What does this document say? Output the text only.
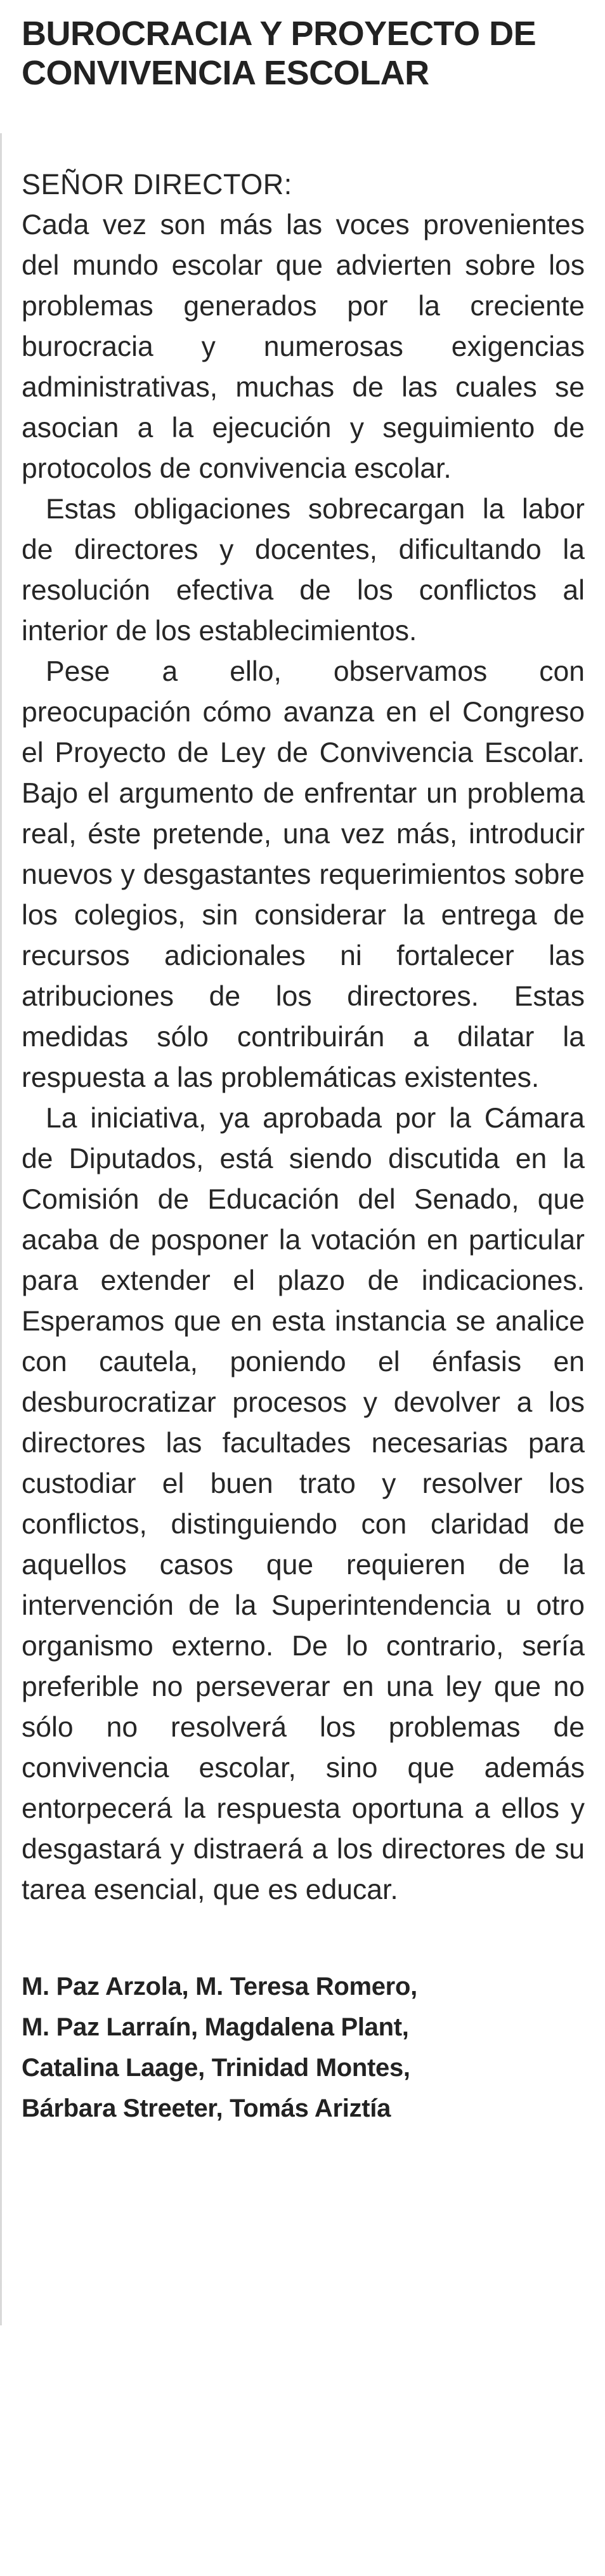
BUROCRACIA Y PROYECTO DE CONVIVENCIA ESCOLAR

SEÑOR DIRECTOR:

Cada vez son más las voces provenientes del mundo escolar que advierten sobre los problemas generados por la creciente burocracia y numerosas exigencias administrativas, muchas de las cuales se asocian a la ejecución y seguimiento de protocolos de convivencia escolar.

Estas obligaciones sobrecargan la labor de directores y docentes, dificultando la resolución efectiva de los conflictos al interior de los establecimientos.

Pese a ello, observamos con preocupación cómo avanza en el Congreso el Proyecto de Ley de Convivencia Escolar. Bajo el argumento de enfrentar un problema real, éste pretende, una vez más, introducir nuevos y desgastantes requerimientos sobre los colegios, sin considerar la entrega de recursos adicionales ni fortalecer las atribuciones de los directores. Estas medidas sólo contribuirán a dilatar la respuesta a las problemáticas existentes.

La iniciativa, ya aprobada por la Cámara de Diputados, está siendo discutida en la Comisión de Educación del Senado, que acaba de posponer la votación en particular para extender el plazo de indicaciones. Esperamos que en esta instancia se analice con cautela, poniendo el énfasis en desburocratizar procesos y devolver a los directores las facultades necesarias para custodiar el buen trato y resolver los conflictos, distinguiendo con claridad de aquellos casos que requieren de la intervención de la Superintendencia u otro organismo externo. De lo contrario, sería preferible no perseverar en una ley que no sólo no resolverá los problemas de convivencia escolar, sino que además entorpecerá la respuesta oportuna a ellos y desgastará y distraerá a los directores de su tarea esencial, que es educar.

M. Paz Arzola, M. Teresa Romero,
M. Paz Larraín, Magdalena Plant,
Catalina Laage, Trinidad Montes,
Bárbara Streeter, Tomás Ariztía
